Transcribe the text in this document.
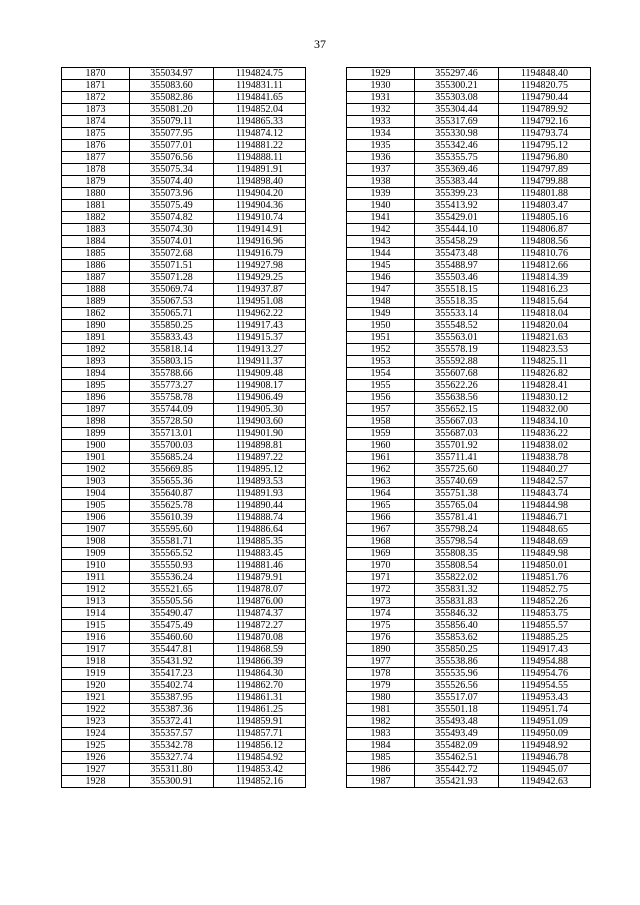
37
1870	355034.97	1194824.75
1871	355083.60	1194831.11
1872	355082.86	1194841.65
1873	355081.20	1194852.04
1874	355079.11	1194865.33
1875	355077.95	1194874.12
1876	355077.01	1194881.22
1877	355076.56	1194888.11
1878	355075.34	1194891.91
1879	355074.40	1194898.40
1880	355073.96	1194904.20
1881	355075.49	1194904.36
1882	355074.82	1194910.74
1883	355074.30	1194914.91
1884	355074.01	1194916.96
1885	355072.68	1194916.79
1886	355071.51	1194927.98
1887	355071.28	1194929.25
1888	355069.74	1194937.87
1889	355067.53	1194951.08
1862	355065.71	1194962.22
1890	355850.25	1194917.43
1891	355833.43	1194915.37
1892	355818.14	1194913.27
1893	355803.15	1194911.37
1894	355788.66	1194909.48
1895	355773.27	1194908.17
1896	355758.78	1194906.49
1897	355744.09	1194905.30
1898	355728.50	1194903.60
1899	355713.01	1194901.90
1900	355700.03	1194898.81
1901	355685.24	1194897.22
1902	355669.85	1194895.12
1903	355655.36	1194893.53
1904	355640.87	1194891.93
1905	355625.78	1194890.44
1906	355610.39	1194888.74
1907	355595.60	1194886.64
1908	355581.71	1194885.35
1909	355565.52	1194883.45
1910	355550.93	1194881.46
1911	355536.24	1194879.91
1912	355521.65	1194878.07
1913	355505.56	1194876.00
1914	355490.47	1194874.37
1915	355475.49	1194872.27
1916	355460.60	1194870.08
1917	355447.81	1194868.59
1918	355431.92	1194866.39
1919	355417.23	1194864.30
1920	355402.74	1194862.70
1921	355387.95	1194861.31
1922	355387.36	1194861.25
1923	355372.41	1194859.91
1924	355357.57	1194857.71
1925	355342.78	1194856.12
1926	355327.74	1194854.92
1927	355311.80	1194853.42
1928	355300.91	1194852.16
1929	355297.46	1194848.40
1930	355300.21	1194820.75
1931	355303.08	1194790.44
1932	355304.44	1194789.92
1933	355317.69	1194792.16
1934	355330.98	1194793.74
1935	355342.46	1194795.12
1936	355355.75	1194796.80
1937	355369.46	1194797.89
1938	355383.44	1194799.88
1939	355399.23	1194801.88
1940	355413.92	1194803.47
1941	355429.01	1194805.16
1942	355444.10	1194806.87
1943	355458.29	1194808.56
1944	355473.48	1194810.76
1945	355488.97	1194812.66
1946	355503.46	1194814.39
1947	355518.15	1194816.23
1948	355518.35	1194815.64
1949	355533.14	1194818.04
1950	355548.52	1194820.04
1951	355563.01	1194821.63
1952	355578.19	1194823.53
1953	355592.88	1194825.11
1954	355607.68	1194826.82
1955	355622.26	1194828.41
1956	355638.56	1194830.12
1957	355652.15	1194832.00
1958	355667.03	1194834.10
1959	355687.03	1194836.22
1960	355701.92	1194838.02
1961	355711.41	1194838.78
1962	355725.60	1194840.27
1963	355740.69	1194842.57
1964	355751.38	1194843.74
1965	355765.04	1194844.98
1966	355781.41	1194846.71
1967	355798.24	1194848.65
1968	355798.54	1194848.69
1969	355808.35	1194849.98
1970	355808.54	1194850.01
1971	355822.02	1194851.76
1972	355831.32	1194852.75
1973	355831.83	1194852.26
1974	355846.32	1194853.75
1975	355856.40	1194855.57
1976	355853.62	1194885.25
1890	355850.25	1194917.43
1977	355538.86	1194954.88
1978	355535.96	1194954.76
1979	355526.56	1194954.55
1980	355517.07	1194953.43
1981	355501.18	1194951.74
1982	355493.48	1194951.09
1983	355493.49	1194950.09
1984	355482.09	1194948.92
1985	355462.51	1194946.78
1986	355442.72	1194945.07
1987	355421.93	1194942.63
